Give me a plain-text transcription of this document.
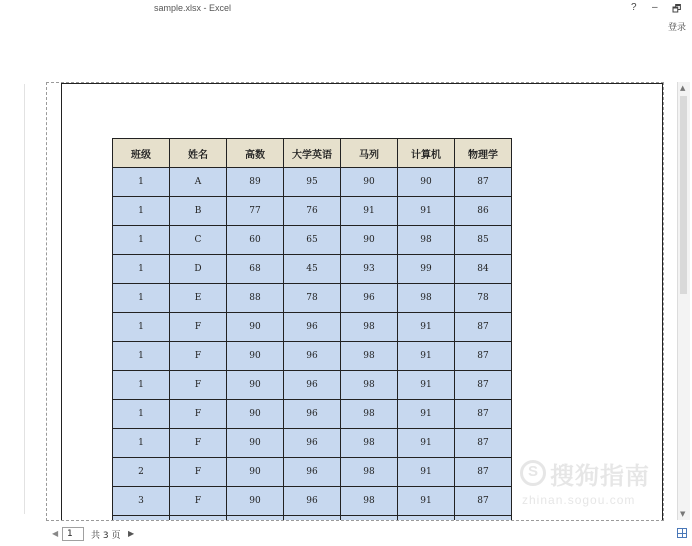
sample.xlsx - Excel	? – 🗗
登录
班级	姓名	高数	大学英语	马列	计算机	物理学
1	A	89	95	90	90	87
1	B	77	76	91	91	86
1	C	60	65	90	98	85
1	D	68	45	93	99	84
1	E	88	78	96	98	78
1	F	90	96	98	91	87
1	F	90	96	98	91	87
1	F	90	96	98	91	87
1	F	90	96	98	91	87
1	F	90	96	98	91	87
2	F	90	96	98	91	87
3	F	90	96	98	91	87

▲
▼
S
搜狗指南
zhinan.sogou.com
◀ 1	共 3 页 ▶
